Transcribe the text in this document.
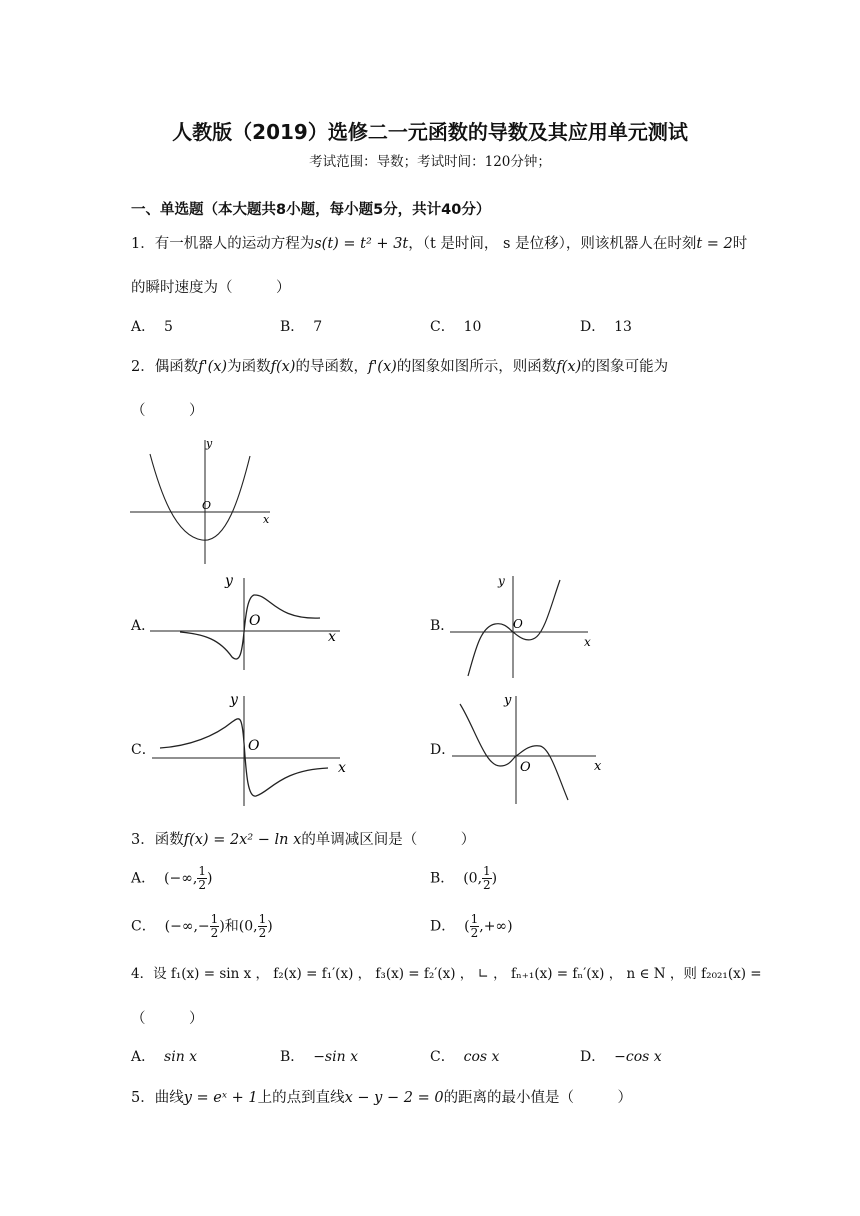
人教版（2019）选修二一元函数的导数及其应用单元测试
考试范围：导数；考试时间：120分钟；
一、单选题（本大题共8小题，每小题5分，共计40分）
1．有一机器人的运动方程为s(t) = t² + 3t，（t 是时间， s 是位移），则该机器人在时刻t = 2时
的瞬时速度为（　　　）
A． 5	B． 7	C． 10	D． 13
2．偶函数f'(x)为函数f(x)的导函数，f'(x)的图象如图所示，则函数f(x)的图象可能为
（　　　）
y
x
O
A．
y
x
O	B．
y
x
O
C．
y
x
O	D．
y
x
O
3．函数f(x) = 2x² − ln x的单调减区间是（　　　）
A． (−∞, $\frac{1}{2}$ )	B． (0, $\frac{1}{2}$ )
C． (−∞,− $\frac{1}{2}$ )和(0, $\frac{1}{2}$ )	D． ( $\frac{1}{2}$ ,+∞)
4．设 f₁(x) = sin x ， f₂(x) = f₁′(x) ， f₃(x) = f₂′(x) ， ∟ ， fₙ₊₁(x) = fₙ′(x) ， n ∈ N ，则 f₂₀₂₁(x) =
（　　　）
A． sin x	B． −sin x	C． cos x	D． −cos x
5．曲线y = eˣ + 1上的点到直线x − y − 2 = 0的距离的最小值是（　　　）
